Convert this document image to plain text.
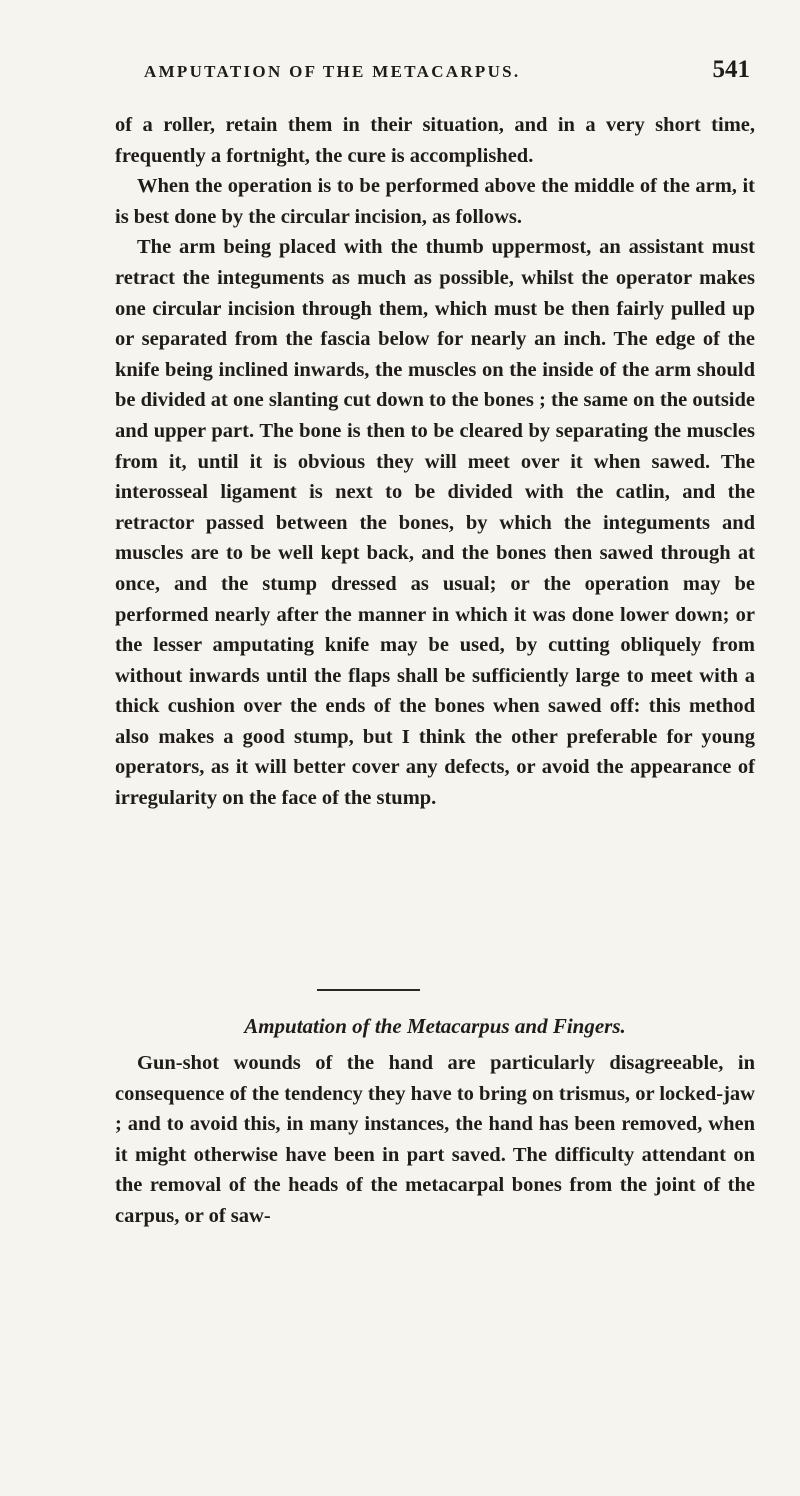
AMPUTATION OF THE METACARPUS.	541

of a roller, retain them in their situation, and in a very short time, frequently a fortnight, the cure is accomplished.

When the operation is to be performed above the middle of the arm, it is best done by the circular incision, as follows.

The arm being placed with the thumb uppermost, an assistant must retract the integuments as much as possible, whilst the operator makes one circular incision through them, which must be then fairly pulled up or separated from the fascia below for nearly an inch. The edge of the knife being inclined inwards, the muscles on the inside of the arm should be divided at one slanting cut down to the bones ; the same on the outside and upper part. The bone is then to be cleared by separating the muscles from it, until it is obvious they will meet over it when sawed. The interosseal ligament is next to be divided with the catlin, and the retractor passed between the bones, by which the integuments and muscles are to be well kept back, and the bones then sawed through at once, and the stump dressed as usual; or the operation may be performed nearly after the manner in which it was done lower down; or the lesser amputating knife may be used, by cutting obliquely from without inwards until the flaps shall be sufficiently large to meet with a thick cushion over the ends of the bones when sawed off: this method also makes a good stump, but I think the other preferable for young operators, as it will better cover any defects, or avoid the appearance of irregularity on the face of the stump.

Amputation of the Metacarpus and Fingers.

Gun-shot wounds of the hand are particularly disagreeable, in consequence of the tendency they have to bring on trismus, or locked-jaw ; and to avoid this, in many instances, the hand has been removed, when it might otherwise have been in part saved. The difficulty attendant on the removal of the heads of the metacarpal bones from the joint of the carpus, or of saw-
